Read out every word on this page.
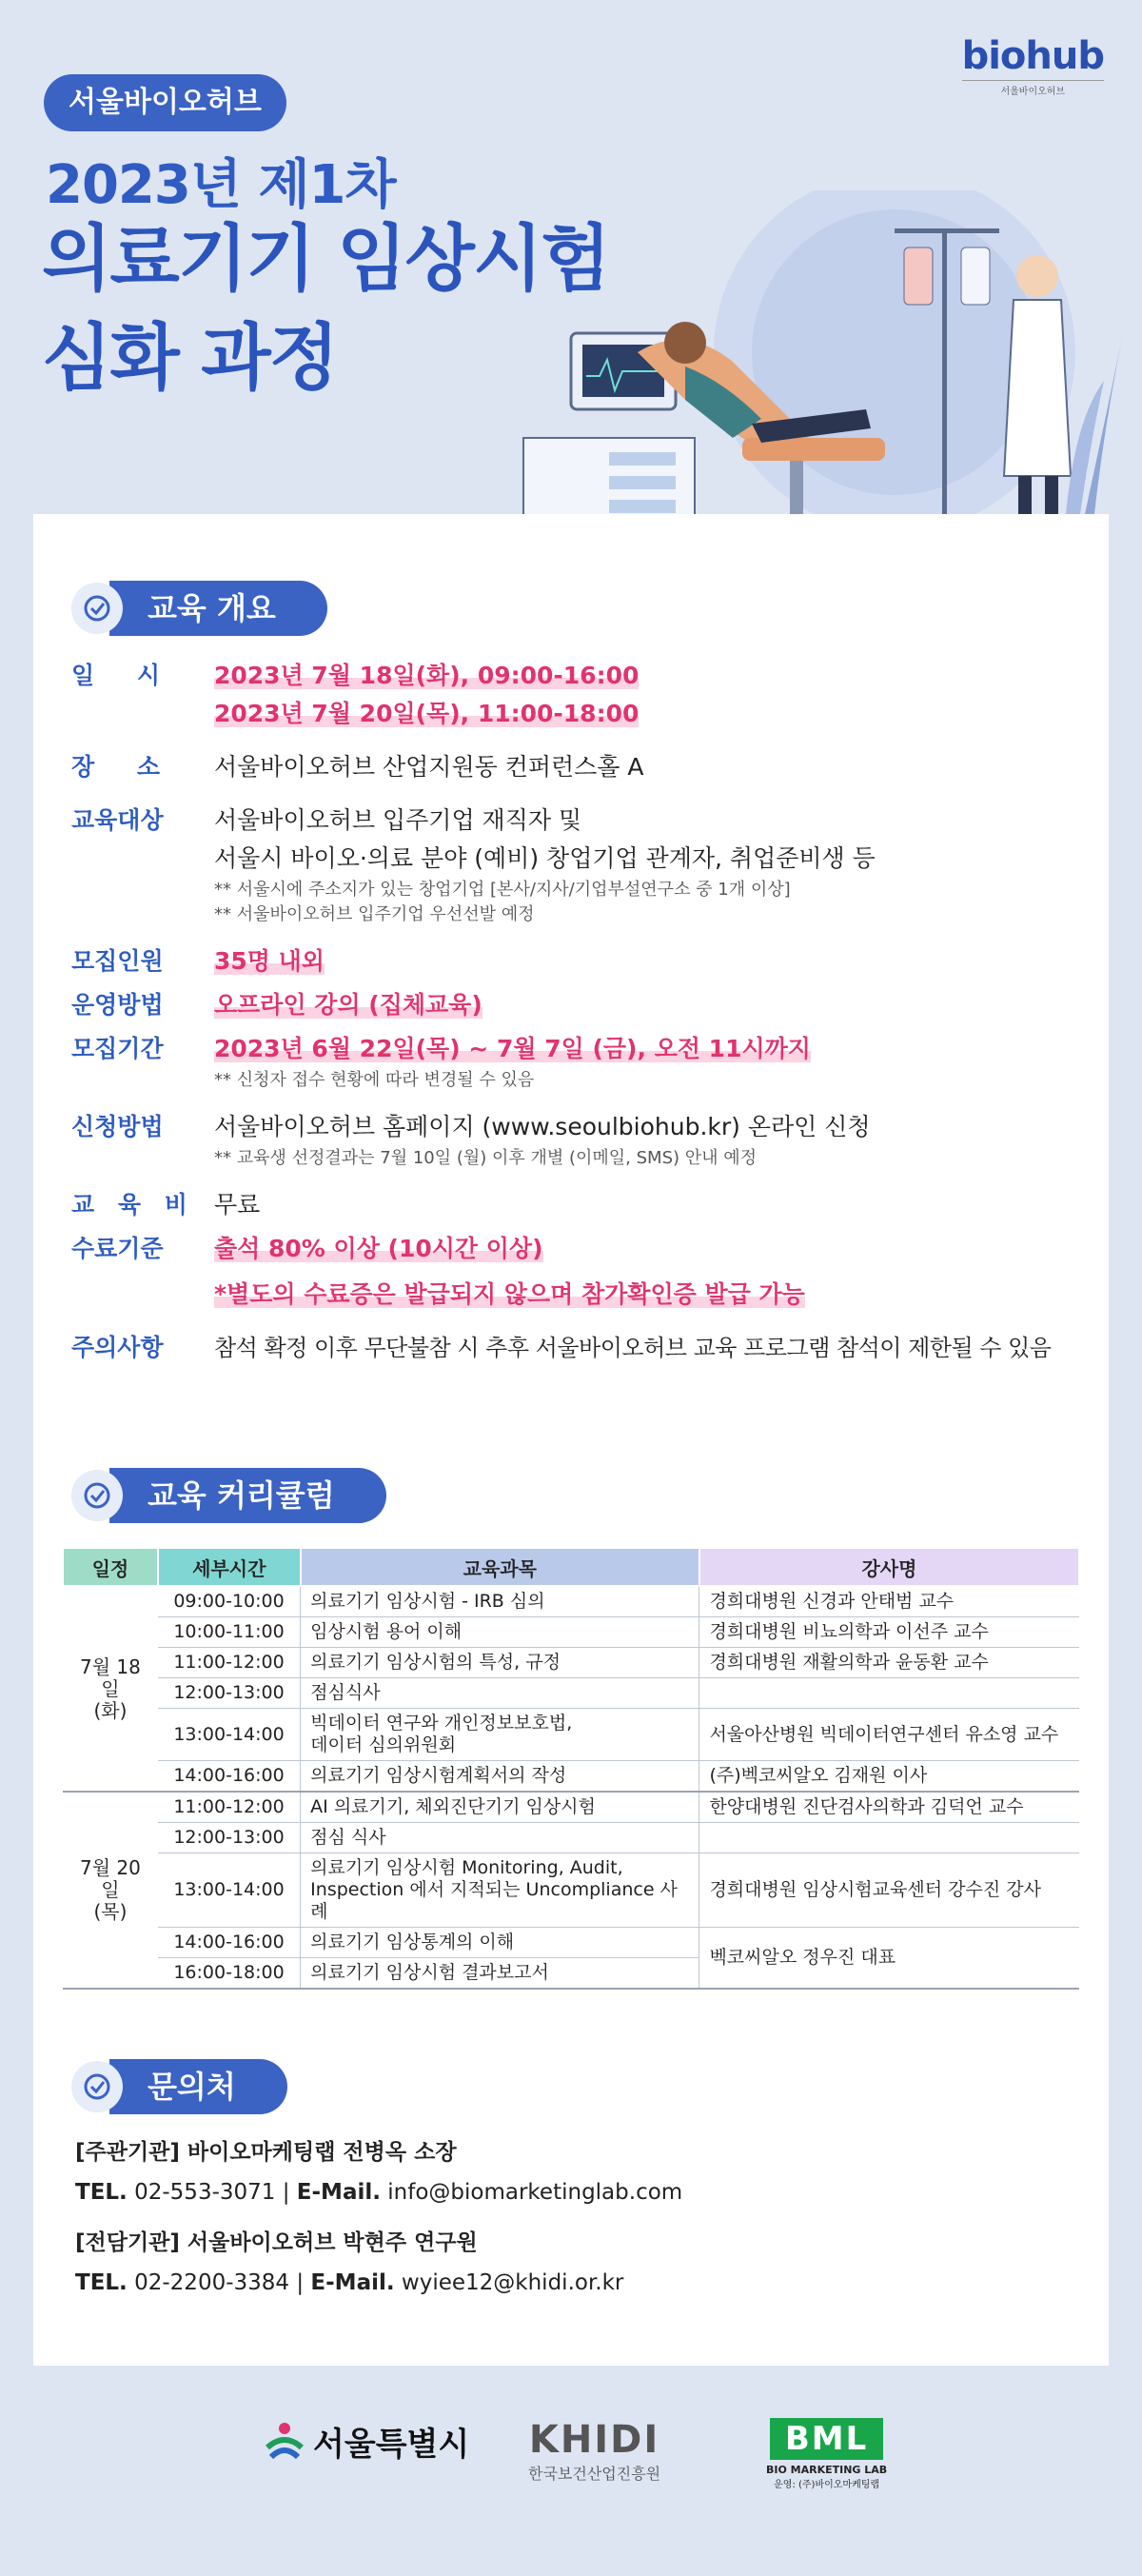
서울바이오허브
2023년 제1차
의료기기 임상시험
심화 과정
biohub
서울바이오허브
교육 개요
일 시	2023년 7월 18일(화), 09:00-16:00
2023년 7월 20일(목), 11:00-18:00
장 소	서울바이오허브 산업지원동 컨퍼런스홀 A
교육대상	서울바이오허브 입주기업 재직자 및
서울시 바이오·의료 분야 (예비) 창업기업 관계자, 취업준비생 등
** 서울시에 주소지가 있는 창업기업 [본사/지사/기업부설연구소 중 1개 이상]
** 서울바이오허브 입주기업 우선선발 예정
모집인원	35명 내외
운영방법	오프라인 강의 (집체교육)
모집기간	2023년 6월 22일(목) ~ 7월 7일 (금), 오전 11시까지
** 신청자 접수 현황에 따라 변경될 수 있음
신청방법	서울바이오허브 홈페이지 (www.seoulbiohub.kr) 온라인 신청
** 교육생 선정결과는 7월 10일 (월) 이후 개별 (이메일, SMS) 안내 예정
교 육 비 무료
수료기준	출석 80% 이상 (10시간 이상)
*별도의 수료증은 발급되지 않으며 참가확인증 발급 가능
주의사항	참석 확정 이후 무단불참 시 추후 서울바이오허브 교육 프로그램 참석이 제한될 수 있음
교육 커리큘럼
일정	세부시간	교육과목	강사명
7월 18일
(화)	09:00-10:00	의료기기 임상시험 - IRB 심의	경희대병원 신경과 안태범 교수
	10:00-11:00	임상시험 용어 이해	경희대병원 비뇨의학과 이선주 교수
	11:00-12:00	의료기기 임상시험의 특성, 규정	경희대병원 재활의학과 윤동환 교수
	12:00-13:00	점심식사	
	13:00-14:00	빅데이터 연구와 개인정보보호법,
데이터 심의위원회	서울아산병원 빅데이터연구센터 유소영 교수
	14:00-16:00	의료기기 임상시험계획서의 작성	(주)벡코씨알오 김재원 이사
7월 20일
(목)	11:00-12:00	AI 의료기기, 체외진단기기 임상시험	한양대병원 진단검사의학과 김덕언 교수
	12:00-13:00	점심 식사	
	13:00-14:00	의료기기 임상시험 Monitoring, Audit,
Inspection 에서 지적되는 Uncompliance 사례	경희대병원 임상시험교육센터 강수진 강사
	14:00-16:00	의료기기 임상통계의 이해	벡코씨알오 정우진 대표
	16:00-18:00	의료기기 임상시험 결과보고서	
문의처
[주관기관] 바이오마케팅랩 전병옥 소장
TEL. 02-553-3071 | E-Mail. info@biomarketinglab.com
[전담기관] 서울바이오허브 박현주 연구원
TEL. 02-2200-3384 | E-Mail. wyiee12@khidi.or.kr
서울특별시 KHIDI
한국보건산업진흥원
BML
BIO MARKETING LAB
운영: (주)바이오마케팅랩
